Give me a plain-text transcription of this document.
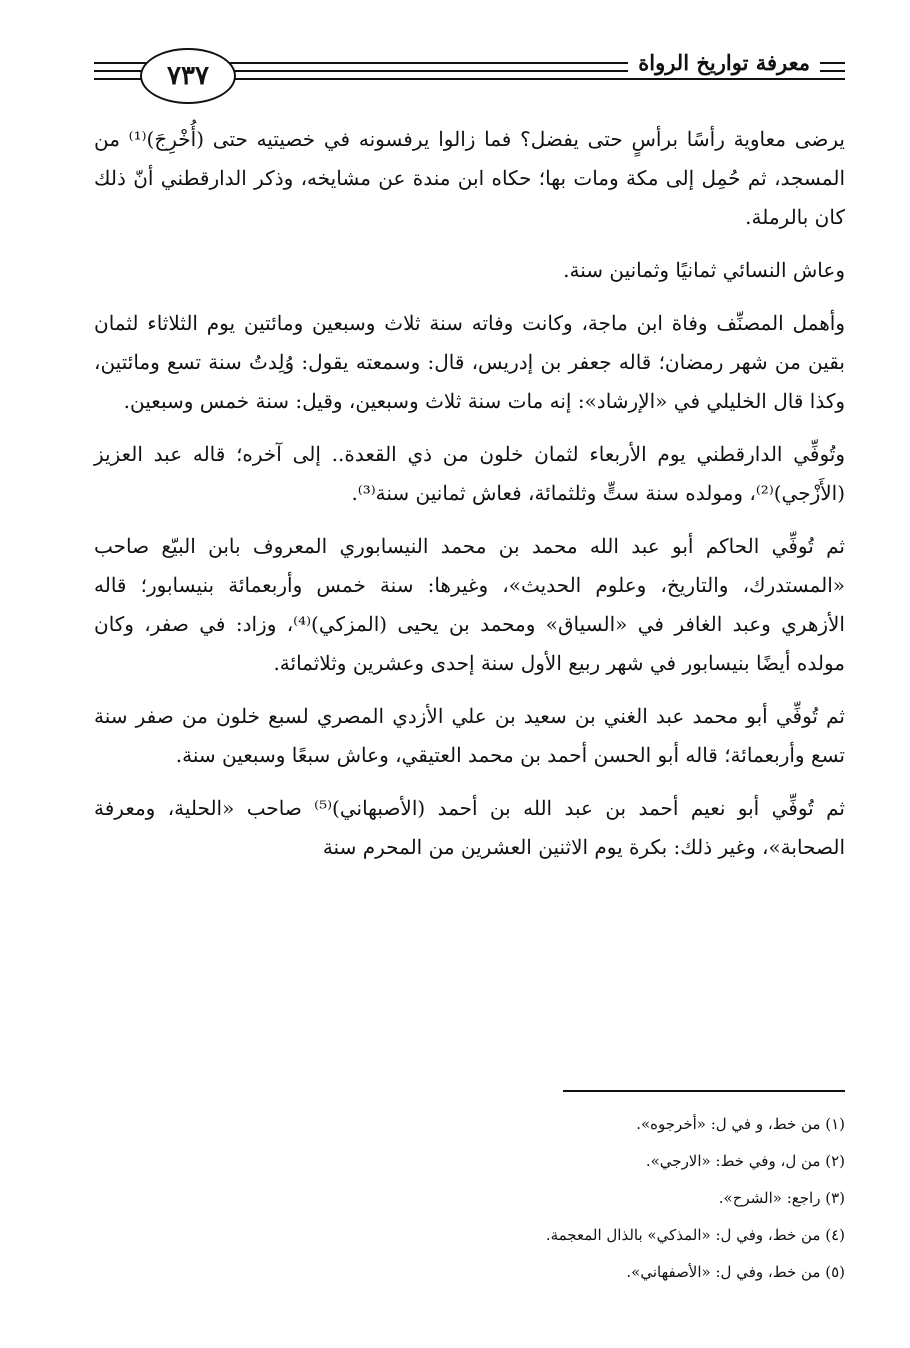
٧٣٧	معرفة تواريخ الرواة

يرضى معاوية رأسًا برأسٍ حتى يفضل؟ فما زالوا يرفسونه في خصيتيه حتى (أُخْرِجَ)⁽¹⁾ من المسجد، ثم حُمِل إلى مكة ومات بها؛ حكاه ابن مندة عن مشايخه، وذكر الدارقطني أنّ ذلك كان بالرملة.

وعاش النسائي ثمانيًا وثمانين سنة.

وأهمل المصنِّف وفاة ابن ماجة، وكانت وفاته سنة ثلاث وسبعين ومائتين يوم الثلاثاء لثمان بقين من شهر رمضان؛ قاله جعفر بن إدريس، قال: وسمعته يقول: وُلِدتُ سنة تسع ومائتين، وكذا قال الخليلي في «الإرشاد»: إنه مات سنة ثلاث وسبعين، وقيل: سنة خمس وسبعين.

وتُوفِّي الدارقطني يوم الأربعاء لثمان خلون من ذي القعدة.. إلى آخره؛ قاله عبد العزيز (الأَزْجي)⁽²⁾، ومولده سنة ستٍّ وثلثمائة، فعاش ثمانين سنة⁽³⁾.

ثم تُوفِّي الحاكم أبو عبد الله محمد بن محمد النيسابوري المعروف بابن البيّع صاحب «المستدرك، والتاريخ، وعلوم الحديث»، وغيرها: سنة خمس وأربعمائة بنيسابور؛ قاله الأزهري وعبد الغافر في «السياق» ومحمد بن يحيى (المزكي)⁽⁴⁾، وزاد: في صفر، وكان مولده أيضًا بنيسابور في شهر ربيع الأول سنة إحدى وعشرين وثلاثمائة.

ثم تُوفِّي أبو محمد عبد الغني بن سعيد بن علي الأزدي المصري لسبع خلون من صفر سنة تسع وأربعمائة؛ قاله أبو الحسن أحمد بن محمد العتيقي، وعاش سبعًا وسبعين سنة.

ثم تُوفِّي أبو نعيم أحمد بن عبد الله بن أحمد (الأصبهاني)⁽⁵⁾ صاحب «الحلية، ومعرفة الصحابة»، وغير ذلك: بكرة يوم الاثنين العشرين من المحرم سنة

(١) من خط، و في ل: «أخرجوه».

(٢) من ل، وفي خط: «الارجي».

(٣) راجع: «الشرح».

(٤) من خط، وفي ل: «المذكي» بالذال المعجمة.

(٥) من خط، وفي ل: «الأصفهاني».
